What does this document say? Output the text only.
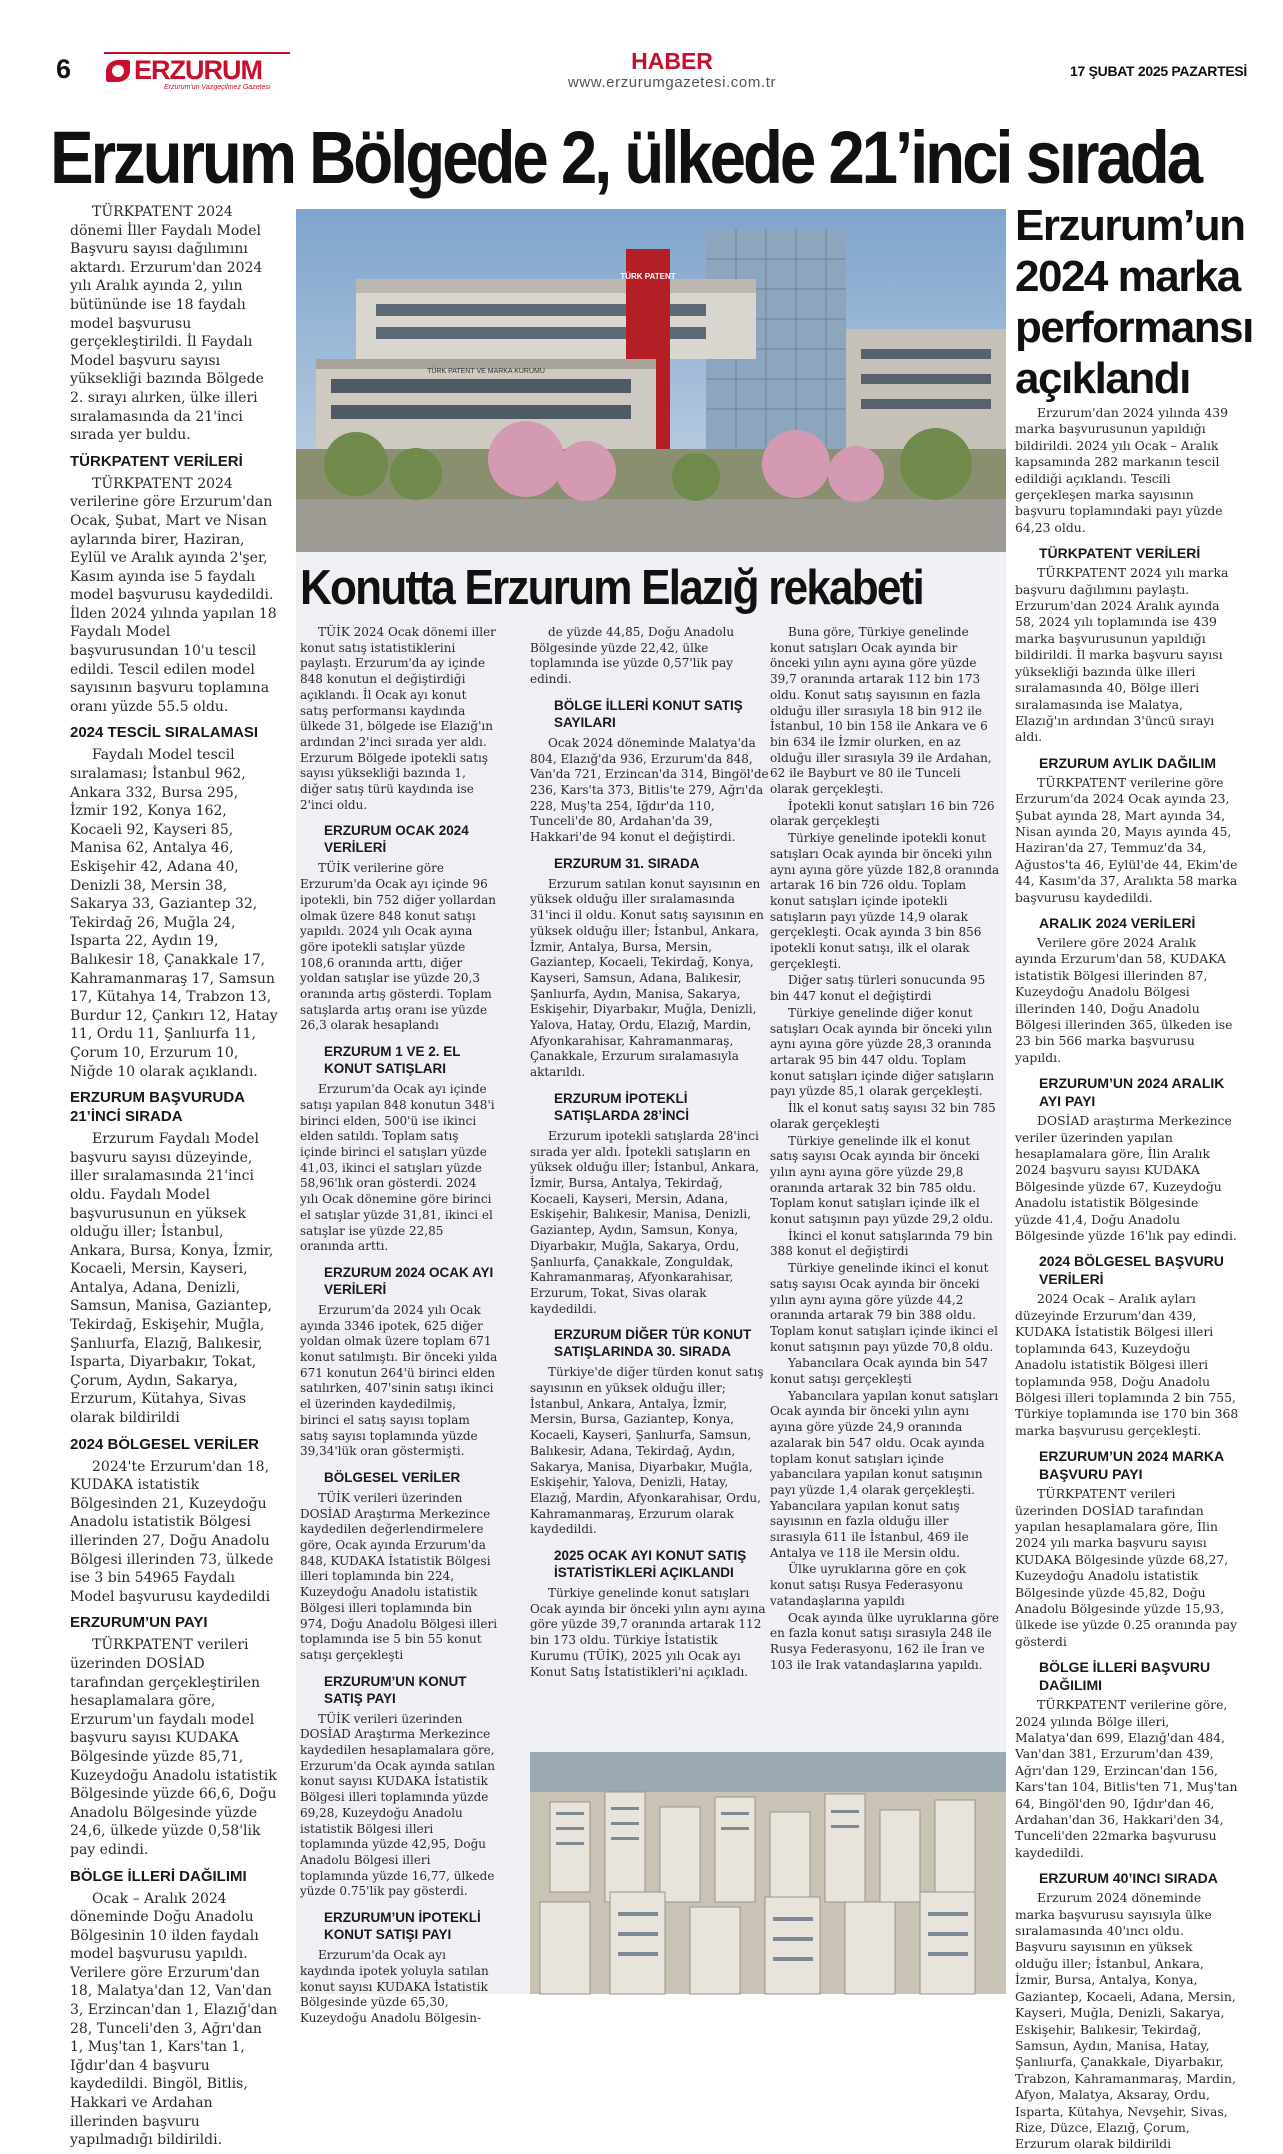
6 ERZURUM
Erzurum'un Vazgeçilmez Gazetesi
HABER
www.erzurumgazetesi.com.tr
17 ŞUBAT 2025 PAZARTESİ
Erzurum Bölgede 2, ülkede 21’inci sırada

TÜRKPATENT 2024 dönemi İller Faydalı Model Başvuru sayısı dağılımını aktardı. Erzurum'dan 2024 yılı Aralık ayında 2, yılın bütününde ise 18 faydalı model başvurusu gerçekleştirildi. İl Faydalı Model başvuru sayısı yüksekliği bazında Bölgede 2. sırayı alırken, ülke illeri sıralamasında da 21'inci sırada yer buldu.

TÜRKPATENT VERİLERİ

TÜRKPATENT 2024 verilerine göre Erzurum'dan Ocak, Şubat, Mart ve Nisan aylarında birer, Haziran, Eylül ve Aralık ayında 2'şer, Kasım ayında ise 5 faydalı model başvurusu kaydedildi. İlden 2024 yılında yapılan 18 Faydalı Model başvurusundan 10'u tescil edildi. Tescil edilen model sayısının başvuru toplamına oranı yüzde 55.5 oldu.

2024 TESCİL SIRALAMASI

Faydalı Model tescil sıralaması; İstanbul 962, Ankara 332, Bursa 295, İzmir 192, Konya 162, Kocaeli 92, Kayseri 85, Manisa 62, Antalya 46, Eskişehir 42, Adana 40, Denizli 38, Mersin 38, Sakarya 33, Gaziantep 32, Tekirdağ 26, Muğla 24, Isparta 22, Aydın 19, Balıkesir 18, Çanakkale 17, Kahramanmaraş 17, Samsun 17, Kütahya 14, Trabzon 13, Burdur 12, Çankırı 12, Hatay 11, Ordu 11, Şanlıurfa 11, Çorum 10, Erzurum 10, Niğde 10 olarak açıklandı.

ERZURUM BAŞVURUDA 21’İNCİ SIRADA

Erzurum Faydalı Model başvuru sayısı düzeyinde, iller sıralamasında 21'inci oldu. Faydalı Model başvurusunun en yüksek olduğu iller; İstanbul, Ankara, Bursa, Konya, İzmir, Kocaeli, Mersin, Kayseri, Antalya, Adana, Denizli, Samsun, Manisa, Gaziantep, Tekirdağ, Eskişehir, Muğla, Şanlıurfa, Elazığ, Balıkesir, Isparta, Diyarbakır, Tokat, Çorum, Aydın, Sakarya, Erzurum, Kütahya, Sivas olarak bildirildi

2024 BÖLGESEL VERİLER

2024'te Erzurum'dan 18, KUDAKA istatistik Bölgesinden 21, Kuzeydoğu Anadolu istatistik Bölgesi illerinden 27, Doğu Anadolu Bölgesi illerinden 73, ülkede ise 3 bin 54965 Faydalı Model başvurusu kaydedildi

ERZURUM’UN PAYI

TÜRKPATENT verileri üzerinden DOSİAD tarafından gerçekleştirilen hesaplamalara göre, Erzurum'un faydalı model başvuru sayısı KUDAKA Bölgesinde yüzde 85,71, Kuzeydoğu Anadolu istatistik Bölgesinde yüzde 66,6, Doğu Anadolu Bölgesinde yüzde 24,6, ülkede yüzde 0,58'lik pay edindi.

BÖLGE İLLERİ DAĞILIMI

Ocak – Aralık 2024 döneminde Doğu Anadolu Bölgesinin 10 ilden faydalı model başvurusu yapıldı. Verilere göre Erzurum'dan 18, Malatya'dan 12, Van'dan 3, Erzincan'dan 1, Elazığ'dan 28, Tunceli'den 3, Ağrı'dan 1, Muş'tan 1, Kars'tan 1, Iğdır'dan 4 başvuru kaydedildi. Bingöl, Bitlis, Hakkari ve Ardahan illerinden başvuru yapılmadığı bildirildi.

TÜRK PATENT
TÜRK PATENT VE MARKA KURUMU
Konutta Erzurum Elazığ rekabeti

TÜİK 2024 Ocak dönemi iller konut satış istatistiklerini paylaştı. Erzurum'da ay içinde 848 konutun el değiştirdiği açıklandı. İl Ocak ayı konut satış performansı kaydında ülkede 31, bölgede ise Elazığ'ın ardından 2'inci sırada yer aldı. Erzurum Bölgede ipotekli satış sayısı yüksekliği bazında 1, diğer satış türü kaydında ise 2'inci oldu.

ERZURUM OCAK 2024 VERİLERİ

TÜİK verilerine göre Erzurum'da Ocak ayı içinde 96 ipotekli, bin 752 diğer yollardan olmak üzere 848 konut satışı yapıldı. 2024 yılı Ocak ayına göre ipotekli satışlar yüzde 108,6 oranında arttı, diğer yoldan satışlar ise yüzde 20,3 oranında artış gösterdi. Toplam satışlarda artış oranı ise yüzde 26,3 olarak hesaplandı

ERZURUM 1 VE 2. EL KONUT SATIŞLARI

Erzurum'da Ocak ayı içinde satışı yapılan 848 konutun 348'i birinci elden, 500'ü ise ikinci elden satıldı. Toplam satış içinde birinci el satışları yüzde 41,03, ikinci el satışları yüzde 58,96'lık oran gösterdi. 2024 yılı Ocak dönemine göre birinci el satışlar yüzde 31,81, ikinci el satışlar ise yüzde 22,85 oranında arttı.

ERZURUM 2024 OCAK AYI VERİLERİ

Erzurum'da 2024 yılı Ocak ayında 3346 ipotek, 625 diğer yoldan olmak üzere toplam 671 konut satılmıştı. Bir önceki yılda 671 konutun 264'ü birinci elden satılırken, 407'sinin satışı ikinci el üzerinden kaydedilmiş, birinci el satış sayısı toplam satış sayısı toplamında yüzde 39,34'lük oran göstermişti.

BÖLGESEL VERİLER

TÜİK verileri üzerinden DOSİAD Araştırma Merkezince kaydedilen değerlendirmelere göre, Ocak ayında Erzurum'da 848, KUDAKA İstatistik Bölgesi illeri toplamında bin 224, Kuzeydoğu Anadolu istatistik Bölgesi illeri toplamında bin 974, Doğu Anadolu Bölgesi illeri toplamında ise 5 bin 55 konut satışı gerçekleşti

ERZURUM’UN KONUT SATIŞ PAYI

TÜİK verileri üzerinden DOSİAD Araştırma Merkezince kaydedilen hesaplamalara göre, Erzurum'da Ocak ayında satılan konut sayısı KUDAKA İstatistik Bölgesi illeri toplamında yüzde 69,28, Kuzeydoğu Anadolu istatistik Bölgesi illeri toplamında yüzde 42,95, Doğu Anadolu Bölgesi illeri toplamında yüzde 16,77, ülkede yüzde 0.75'lik pay gösterdi.

ERZURUM’UN İPOTEKLİ KONUT SATIŞI PAYI

Erzurum'da Ocak ayı kaydında ipotek yoluyla satılan konut sayısı KUDAKA İstatistik Bölgesinde yüzde 65,30, Kuzeydoğu Anadolu Bölgesin-

de yüzde 44,85, Doğu Anadolu Bölgesinde yüzde 22,42, ülke toplamında ise yüzde 0,57'lik pay edindi.

BÖLGE İLLERİ KONUT SATIŞ SAYILARI

Ocak 2024 döneminde Malatya'da 804, Elazığ'da 936, Erzurum'da 848, Van'da 721, Erzincan'da 314, Bingöl'de 236, Kars'ta 373, Bitlis'te 279, Ağrı'da 228, Muş'ta 254, Iğdır'da 110, Tunceli'de 80, Ardahan'da 39, Hakkari'de 94 konut el değiştirdi.

ERZURUM 31. SIRADA

Erzurum satılan konut sayısının en yüksek olduğu iller sıralamasında 31'inci il oldu. Konut satış sayısının en yüksek olduğu iller; İstanbul, Ankara, İzmir, Antalya, Bursa, Mersin, Gaziantep, Kocaeli, Tekirdağ, Konya, Kayseri, Samsun, Adana, Balıkesir, Şanlıurfa, Aydın, Manisa, Sakarya, Eskişehir, Diyarbakır, Muğla, Denizli, Yalova, Hatay, Ordu, Elazığ, Mardin, Afyonkarahisar, Kahramanmaraş, Çanakkale, Erzurum sıralamasıyla aktarıldı.

ERZURUM İPOTEKLİ SATIŞLARDA 28’İNCİ

Erzurum ipotekli satışlarda 28'inci sırada yer aldı. İpotekli satışların en yüksek olduğu iller; İstanbul, Ankara, İzmir, Bursa, Antalya, Tekirdağ, Kocaeli, Kayseri, Mersin, Adana, Eskişehir, Balıkesir, Manisa, Denizli, Gaziantep, Aydın, Samsun, Konya, Diyarbakır, Muğla, Sakarya, Ordu, Şanlıurfa, Çanakkale, Zonguldak, Kahramanmaraş, Afyonkarahisar, Erzurum, Tokat, Sivas olarak kaydedildi.

ERZURUM DİĞER TÜR KONUT SATIŞLARINDA 30. SIRADA

Türkiye'de diğer türden konut satış sayısının en yüksek olduğu iller; İstanbul, Ankara, Antalya, İzmir, Mersin, Bursa, Gaziantep, Konya, Kocaeli, Kayseri, Şanlıurfa, Samsun, Balıkesir, Adana, Tekirdağ, Aydın, Sakarya, Manisa, Diyarbakır, Muğla, Eskişehir, Yalova, Denizli, Hatay, Elazığ, Mardin, Afyonkarahisar, Ordu, Kahramanmaraş, Erzurum olarak kaydedildi.

2025 OCAK AYI KONUT SATIŞ İSTATİSTİKLERİ AÇIKLANDI

Türkiye genelinde konut satışları Ocak ayında bir önceki yılın aynı ayına göre yüzde 39,7 oranında artarak 112 bin 173 oldu. Türkiye İstatistik Kurumu (TÜİK), 2025 yılı Ocak ayı Konut Satış İstatistikleri'ni açıkladı.

Buna göre, Türkiye genelinde konut satışları Ocak ayında bir önceki yılın aynı ayına göre yüzde 39,7 oranında artarak 112 bin 173 oldu. Konut satış sayısının en fazla olduğu iller sırasıyla 18 bin 912 ile İstanbul, 10 bin 158 ile Ankara ve 6 bin 634 ile İzmir olurken, en az olduğu iller sırasıyla 39 ile Ardahan, 62 ile Bayburt ve 80 ile Tunceli olarak gerçekleşti.

İpotekli konut satışları 16 bin 726 olarak gerçekleşti

Türkiye genelinde ipotekli konut satışları Ocak ayında bir önceki yılın aynı ayına göre yüzde 182,8 oranında artarak 16 bin 726 oldu. Toplam konut satışları içinde ipotekli satışların payı yüzde 14,9 olarak gerçekleşti. Ocak ayında 3 bin 856 ipotekli konut satışı, ilk el olarak gerçekleşti.

Diğer satış türleri sonucunda 95 bin 447 konut el değiştirdi

Türkiye genelinde diğer konut satışları Ocak ayında bir önceki yılın aynı ayına göre yüzde 28,3 oranında artarak 95 bin 447 oldu. Toplam konut satışları içinde diğer satışların payı yüzde 85,1 olarak gerçekleşti.

İlk el konut satış sayısı 32 bin 785 olarak gerçekleşti

Türkiye genelinde ilk el konut satış sayısı Ocak ayında bir önceki yılın aynı ayına göre yüzde 29,8 oranında artarak 32 bin 785 oldu. Toplam konut satışları içinde ilk el konut satışının payı yüzde 29,2 oldu.

İkinci el konut satışlarında 79 bin 388 konut el değiştirdi

Türkiye genelinde ikinci el konut satış sayısı Ocak ayında bir önceki yılın aynı ayına göre yüzde 44,2 oranında artarak 79 bin 388 oldu. Toplam konut satışları içinde ikinci el konut satışının payı yüzde 70,8 oldu.

Yabancılara Ocak ayında bin 547 konut satışı gerçekleşti

Yabancılara yapılan konut satışları Ocak ayında bir önceki yılın aynı ayına göre yüzde 24,9 oranında azalarak bin 547 oldu. Ocak ayında toplam konut satışları içinde yabancılara yapılan konut satışının payı yüzde 1,4 olarak gerçekleşti. Yabancılara yapılan konut satış sayısının en fazla olduğu iller sırasıyla 611 ile İstanbul, 469 ile Antalya ve 118 ile Mersin oldu.

Ülke uyruklarına göre en çok konut satışı Rusya Federasyonu vatandaşlarına yapıldı

Ocak ayında ülke uyruklarına göre en fazla konut satışı sırasıyla 248 ile Rusya Federasyonu, 162 ile İran ve 103 ile Irak vatandaşlarına yapıldı.

Erzurum’un 2024 marka performansı açıklandı

Erzurum'dan 2024 yılında 439 marka başvurusunun yapıldığı bildirildi. 2024 yılı Ocak – Aralık kapsamında 282 markanın tescil edildiği açıklandı. Tescili gerçekleşen marka sayısının başvuru toplamındaki payı yüzde 64,23 oldu.

TÜRKPATENT VERİLERİ

TÜRKPATENT 2024 yılı marka başvuru dağılımını paylaştı. Erzurum'dan 2024 Aralık ayında 58, 2024 yılı toplamında ise 439 marka başvurusunun yapıldığı bildirildi. İl marka başvuru sayısı yüksekliği bazında ülke illeri sıralamasında 40, Bölge illeri sıralamasında ise Malatya, Elazığ'ın ardından 3'üncü sırayı aldı.

ERZURUM AYLIK DAĞILIM

TÜRKPATENT verilerine göre Erzurum'da 2024 Ocak ayında 23, Şubat ayında 28, Mart ayında 34, Nisan ayında 20, Mayıs ayında 45, Haziran'da 27, Temmuz'da 34, Ağustos'ta 46, Eylül'de 44, Ekim'de 44, Kasım'da 37, Aralıkta 58 marka başvurusu kaydedildi.

ARALIK 2024 VERİLERİ

Verilere göre 2024 Aralık ayında Erzurum'dan 58, KUDAKA istatistik Bölgesi illerinden 87, Kuzeydoğu Anadolu Bölgesi illerinden 140, Doğu Anadolu Bölgesi illerinden 365, ülkeden ise 23 bin 566 marka başvurusu yapıldı.

ERZURUM’UN 2024 ARALIK AYI PAYI

DOSİAD araştırma Merkezince veriler üzerinden yapılan hesaplamalara göre, İlin Aralık 2024 başvuru sayısı KUDAKA Bölgesinde yüzde 67, Kuzeydoğu Anadolu istatistik Bölgesinde yüzde 41,4, Doğu Anadolu Bölgesinde yüzde 16'lık pay edindi.

2024 BÖLGESEL BAŞVURU VERİLERİ

2024 Ocak – Aralık ayları düzeyinde Erzurum'dan 439, KUDAKA İstatistik Bölgesi illeri toplamında 643, Kuzeydoğu Anadolu istatistik Bölgesi illeri toplamında 958, Doğu Anadolu Bölgesi illeri toplamında 2 bin 755, Türkiye toplamında ise 170 bin 368 marka başvurusu gerçekleşti.

ERZURUM’UN 2024 MARKA BAŞVURU PAYI

TÜRKPATENT verileri üzerinden DOSİAD tarafından yapılan hesaplamalara göre, İlin 2024 yılı marka başvuru sayısı KUDAKA Bölgesinde yüzde 68,27, Kuzeydoğu Anadolu istatistik Bölgesinde yüzde 45,82, Doğu Anadolu Bölgesinde yüzde 15,93, ülkede ise yüzde 0.25 oranında pay gösterdi

BÖLGE İLLERİ BAŞVURU DAĞILIMI

TÜRKPATENT verilerine göre, 2024 yılında Bölge illeri, Malatya'dan 699, Elazığ'dan 484, Van'dan 381, Erzurum'dan 439, Ağrı'dan 129, Erzincan'dan 156, Kars'tan 104, Bitlis'ten 71, Muş'tan 64, Bingöl'den 90, Iğdır'dan 46, Ardahan'dan 36, Hakkari'den 34, Tunceli'den 22marka başvurusu kaydedildi.

ERZURUM 40’INCI SIRADA

Erzurum 2024 döneminde marka başvurusu sayısıyla ülke sıralamasında 40'ıncı oldu. Başvuru sayısının en yüksek olduğu iller; İstanbul, Ankara, İzmir, Bursa, Antalya, Konya, Gaziantep, Kocaeli, Adana, Mersin, Kayseri, Muğla, Denizli, Sakarya, Eskişehir, Balıkesir, Tekirdağ, Samsun, Aydın, Manisa, Hatay, Şanlıurfa, Çanakkale, Diyarbakır, Trabzon, Kahramanmaraş, Mardin, Afyon, Malatya, Aksaray, Ordu, Isparta, Kütahya, Nevşehir, Sivas, Rize, Düzce, Elazığ, Çorum, Erzurum olarak bildirildi
